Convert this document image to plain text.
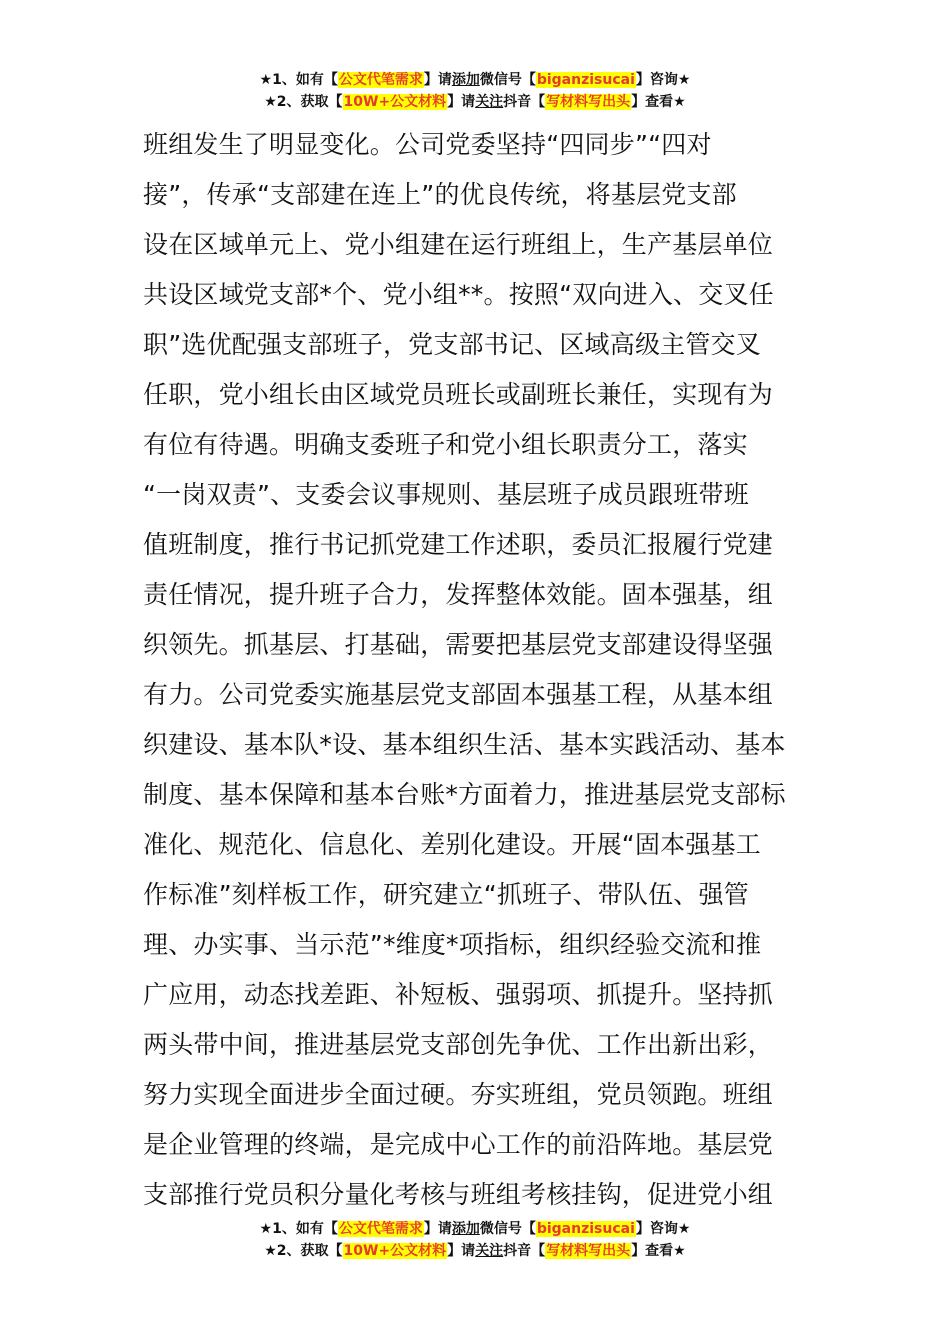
★1、如有【公文代笔需求】请添加微信号【biganzisucai】咨询★
★2、获取【10W+公文材料】请关注抖音【写材料写出头】查看★
班组发生了明显变化。公司党委坚持“四同步”“四对
接”，传承“支部建在连上”的优良传统，将基层党支部
设在区域单元上、党小组建在运行班组上，生产基层单位
共设区域党支部*个、党小组**。按照“双向进入、交叉任
职”选优配强支部班子，党支部书记、区域高级主管交叉
任职，党小组长由区域党员班长或副班长兼任，实现有为
有位有待遇。明确支委班子和党小组长职责分工，落实
“一岗双责”、支委会议事规则、基层班子成员跟班带班
值班制度，推行书记抓党建工作述职，委员汇报履行党建
责任情况，提升班子合力，发挥整体效能。固本强基，组
织领先。抓基层、打基础，需要把基层党支部建设得坚强
有力。公司党委实施基层党支部固本强基工程，从基本组
织建设、基本队*设、基本组织生活、基本实践活动、基本
制度、基本保障和基本台账*方面着力，推进基层党支部标
准化、规范化、信息化、差别化建设。开展“固本强基工
作标准”刻样板工作，研究建立“抓班子、带队伍、强管
理、办实事、当示范”*维度*项指标，组织经验交流和推
广应用，动态找差距、补短板、强弱项、抓提升。坚持抓
两头带中间，推进基层党支部创先争优、工作出新出彩，
努力实现全面进步全面过硬。夯实班组，党员领跑。班组
是企业管理的终端，是完成中心工作的前沿阵地。基层党
支部推行党员积分量化考核与班组考核挂钩，促进党小组
★1、如有【公文代笔需求】请添加微信号【biganzisucai】咨询★
★2、获取【10W+公文材料】请关注抖音【写材料写出头】查看★
